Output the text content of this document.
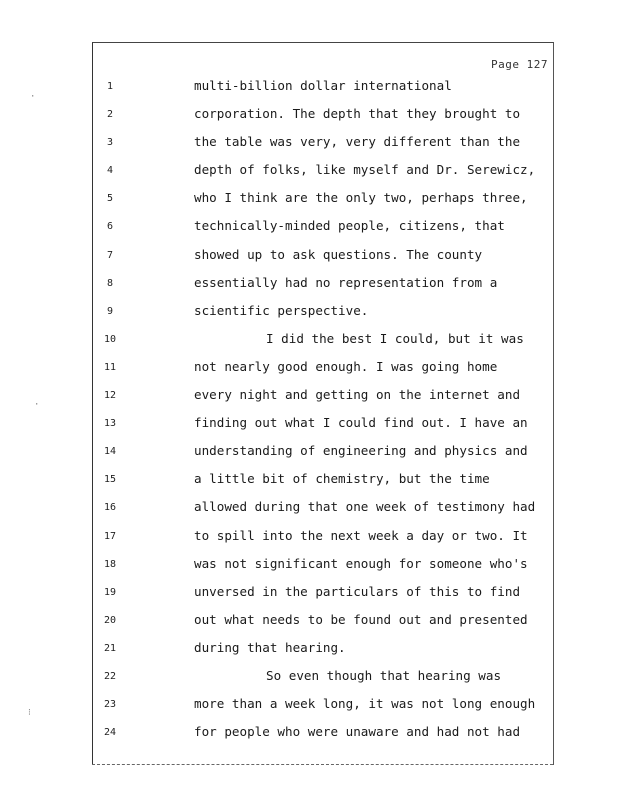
·
·
⁝
Page 127
1
2
3
4
5
6
7
8
9
10
11
12
13
14
15
16
17
18
19
20
21
22
23
24
multi-billion dollar international
corporation. The depth that they brought to
the table was very, very different than the
depth of folks, like myself and Dr. Serewicz,
who I think are the only two, perhaps three,
technically-minded people, citizens, that
showed up to ask questions. The county
essentially had no representation from a
scientific perspective.
I did the best I could, but it was
not nearly good enough. I was going home
every night and getting on the internet and
finding out what I could find out. I have an
understanding of engineering and physics and
a little bit of chemistry, but the time
allowed during that one week of testimony had
to spill into the next week a day or two. It
was not significant enough for someone who's
unversed in the particulars of this to find
out what needs to be found out and presented
during that hearing.
So even though that hearing was
more than a week long, it was not long enough
for people who were unaware and had not had
